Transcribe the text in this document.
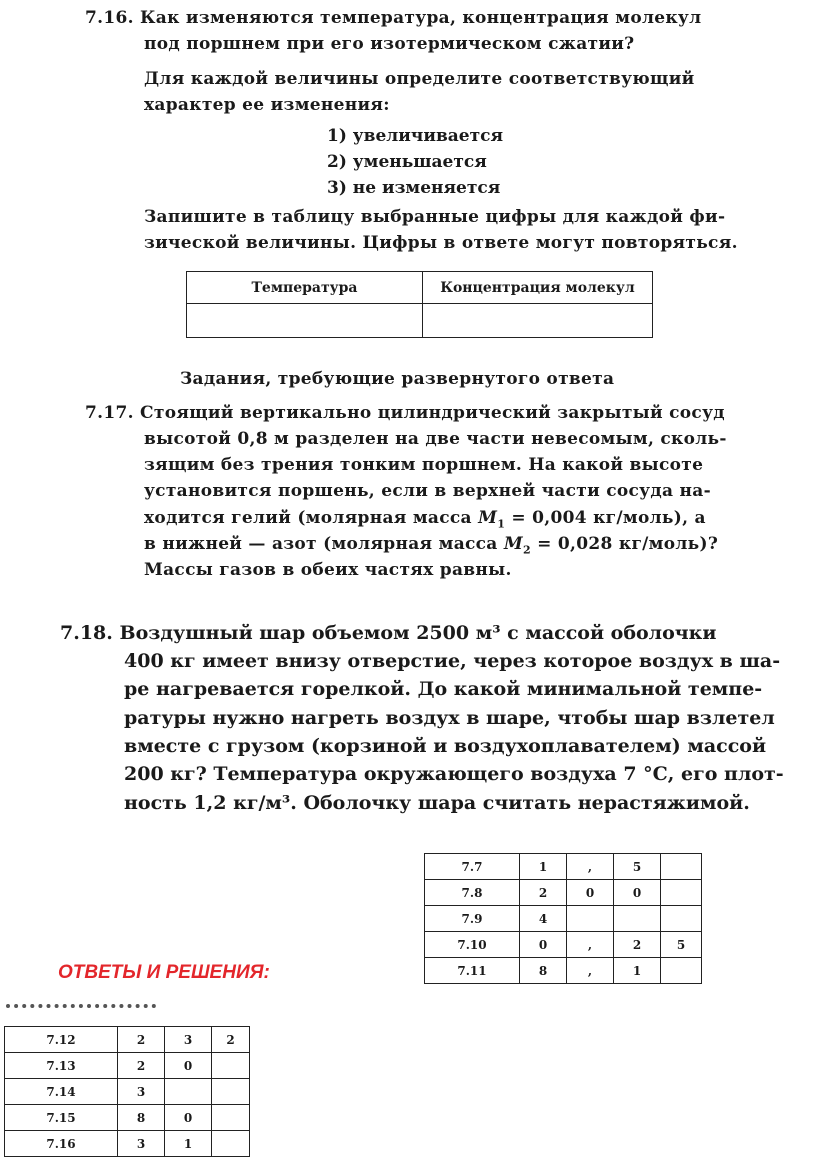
7.16. Как изменяются температура, концентрация молекул
под поршнем при его изотермическом сжатии?
Для каждой величины определите соответствующий
характер ее изменения:
1) увеличивается
2) уменьшается
3) не изменяется
Запишите в таблицу выбранные цифры для каждой фи-
зической величины. Цифры в ответе могут повторяться.
Температура	Концентрация молекул

Задания, требующие развернутого ответа
7.17. Стоящий вертикально цилиндрический закрытый сосуд
высотой 0,8 м разделен на две части невесомым, сколь-
зящим без трения тонким поршнем. На какой высоте
установится поршень, если в верхней части сосуда на-
ходится гелий (молярная масса $M_1 = 0,004$ кг/моль), а
в нижней — азот (молярная масса $M_2 = 0,028$ кг/моль)?
Массы газов в обеих частях равны.
7.18. Воздушный шар объемом 2500 м³ с массой оболочки
400 кг имеет внизу отверстие, через которое воздух в ша-
ре нагревается горелкой. До какой минимальной темпе-
ратуры нужно нагреть воздух в шаре, чтобы шар взлетел
вместе с грузом (корзиной и воздухоплавателем) массой
200 кг? Температура окружающего воздуха 7 °С, его плот-
ность 1,2 кг/м³. Оболочку шара считать нерастяжимой.
7.7	1	,	5	
7.8	2	0	0	
7.9	4			
7.10	0	,	2	5
7.11	8	,	1	
ОТВЕТЫ И РЕШЕНИЯ:
7.12	2	3	2
7.13	2	0	
7.14	3		
7.15	8	0	
7.16	3	1	
